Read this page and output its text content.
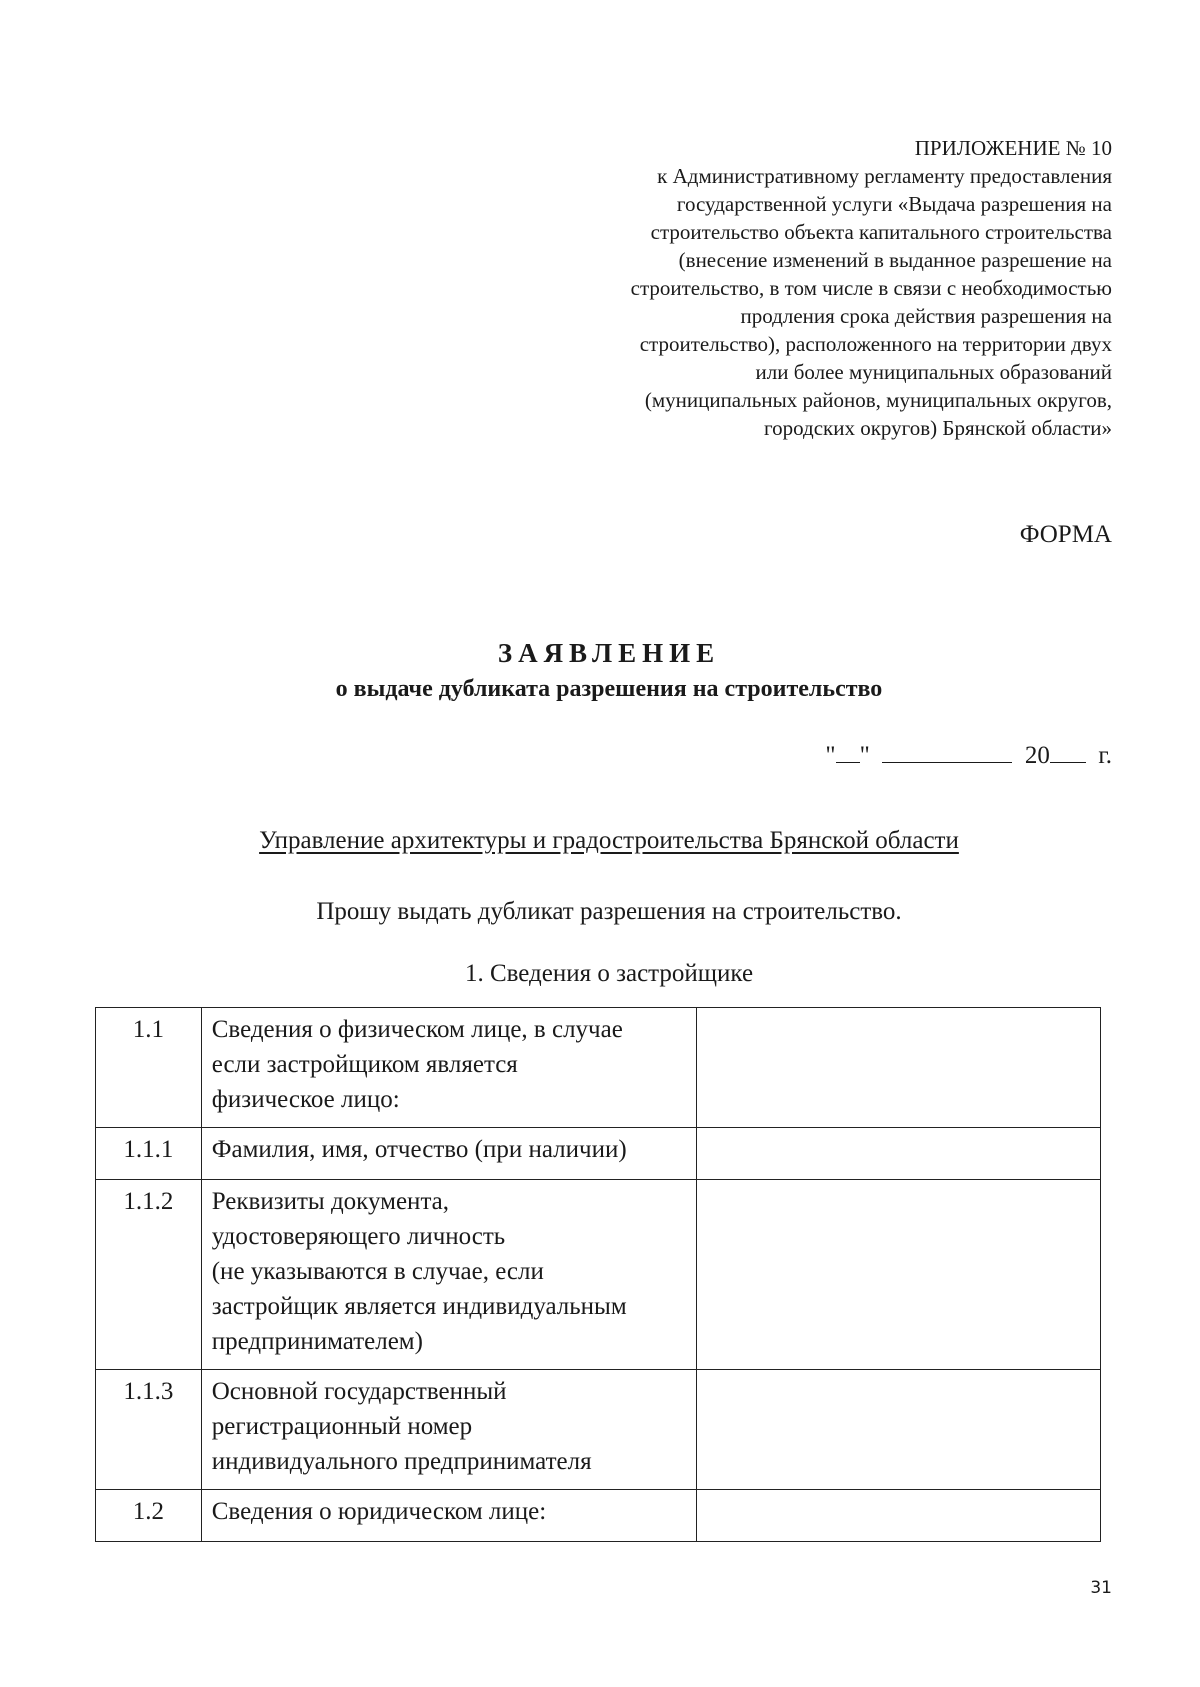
ПРИЛОЖЕНИЕ № 10
к Административному регламенту предоставления
государственной услуги «Выдача разрешения на
строительство объекта капитального строительства
(внесение изменений в выданное разрешение на
строительство, в том числе в связи с необходимостью
продления срока действия разрешения на
строительство), расположенного на территории двух
или более муниципальных образований
(муниципальных районов, муниципальных округов,
городских округов) Брянской области»
ФОРМА
ЗАЯВЛЕНИЕ
о выдаче дубликата разрешения на строительство
" "	20 г.
Управление архитектуры и градостроительства Брянской области
Прошу выдать дубликат разрешения на строительство.
1. Сведения о застройщике
1.1	Сведения о физическом лице, в случае
если застройщиком является
физическое лицо:	

1.1.1	Фамилия, имя, отчество (при наличии)	

1.1.2	Реквизиты документа,
удостоверяющего личность
(не указываются в случае, если
застройщик является индивидуальным
предпринимателем)	

1.1.3	Основной государственный
регистрационный номер
индивидуального предпринимателя	

1.2	Сведения о юридическом лице:	

31
